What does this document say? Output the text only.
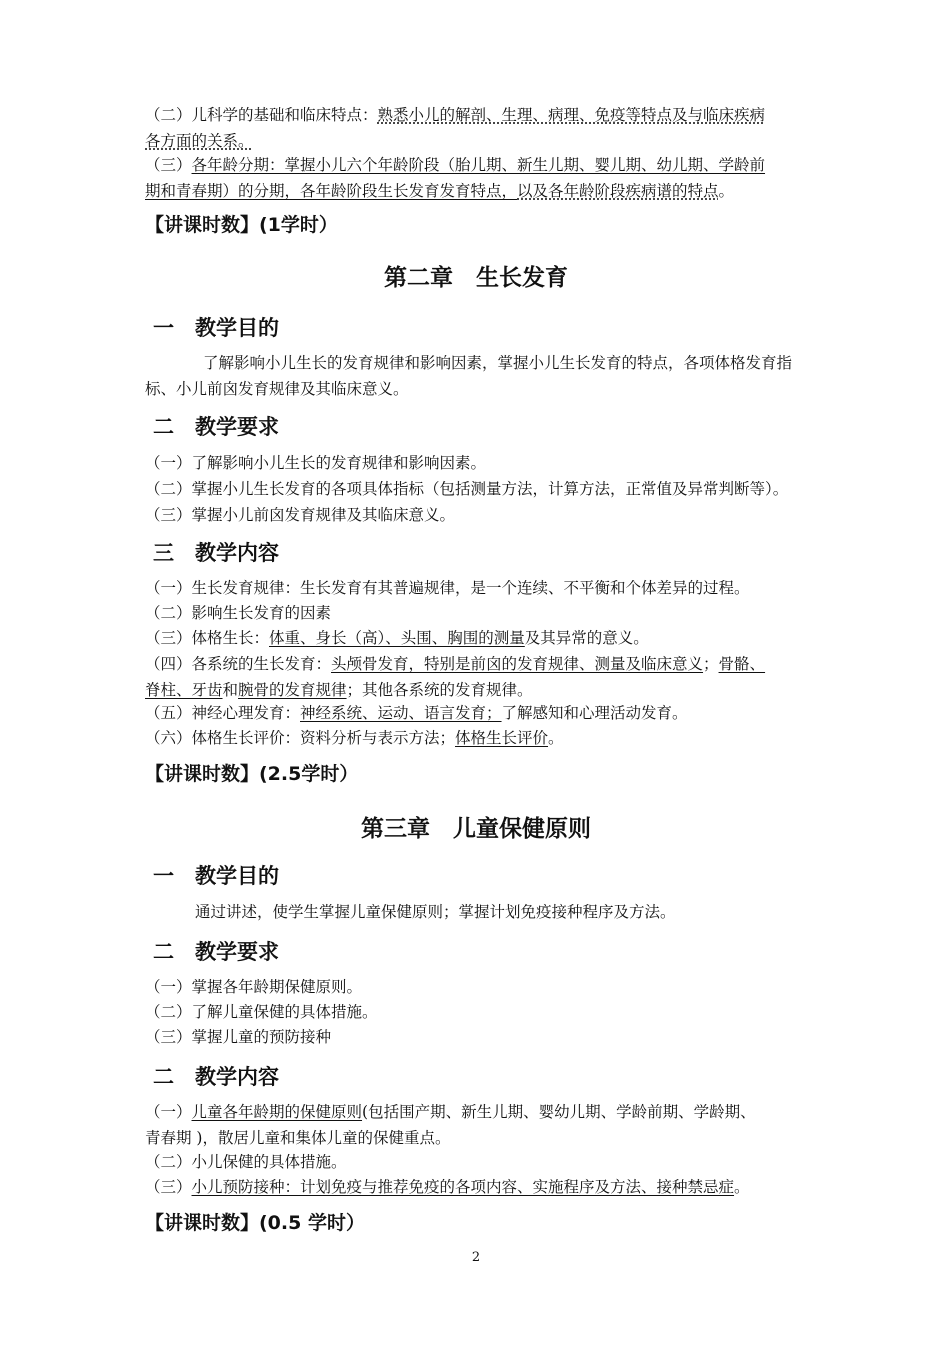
（二）儿科学的基础和临床特点：熟悉小儿的解剖、生理、病理、免疫等特点及与临床疾病
各方面的关系。
（三）各年龄分期：掌握小儿六个年龄阶段（胎儿期、新生儿期、婴儿期、幼儿期、学龄前
期和青春期）的分期，各年龄阶段生长发育发育特点，以及各年龄阶段疾病谱的特点。
【讲课时数】(1学时）
第二章　生长发育
一　教学目的
了解影响小儿生长的发育规律和影响因素，掌握小儿生长发育的特点，各项体格发育指标、小儿前囟发育规律及其临床意义。
二　教学要求
（一）了解影响小儿生长的发育规律和影响因素。
（二）掌握小儿生长发育的各项具体指标（包括测量方法，计算方法，正常值及异常判断等）。
（三）掌握小儿前囟发育规律及其临床意义。
三　教学内容
（一）生长发育规律：生长发育有其普遍规律，是一个连续、不平衡和个体差异的过程。
（二）影响生长发育的因素
（三）体格生长：体重、身长（高）、头围、胸围的测量及其异常的意义。
（四）各系统的生长发育：头颅骨发育，特别是前囟的发育规律、测量及临床意义；骨骼、
脊柱、牙齿和腕骨的发育规律；其他各系统的发育规律。
（五）神经心理发育：神经系统、运动、语言发育；了解感知和心理活动发育。
（六）体格生长评价：资料分析与表示方法；体格生长评价。
【讲课时数】(2.5学时）
第三章　儿童保健原则
一　教学目的
通过讲述，使学生掌握儿童保健原则；掌握计划免疫接种程序及方法。
二　教学要求
（一）掌握各年龄期保健原则。
（二）了解儿童保健的具体措施。
（三）掌握儿童的预防接种
二　教学内容
（一）儿童各年龄期的保健原则(包括围产期、新生儿期、婴幼儿期、学龄前期、学龄期、
青春期 )，散居儿童和集体儿童的保健重点。
（二）小儿保健的具体措施。
（三）小儿预防接种：计划免疫与推荐免疫的各项内容、实施程序及方法、接种禁忌症。
【讲课时数】(0.5 学时）
2
